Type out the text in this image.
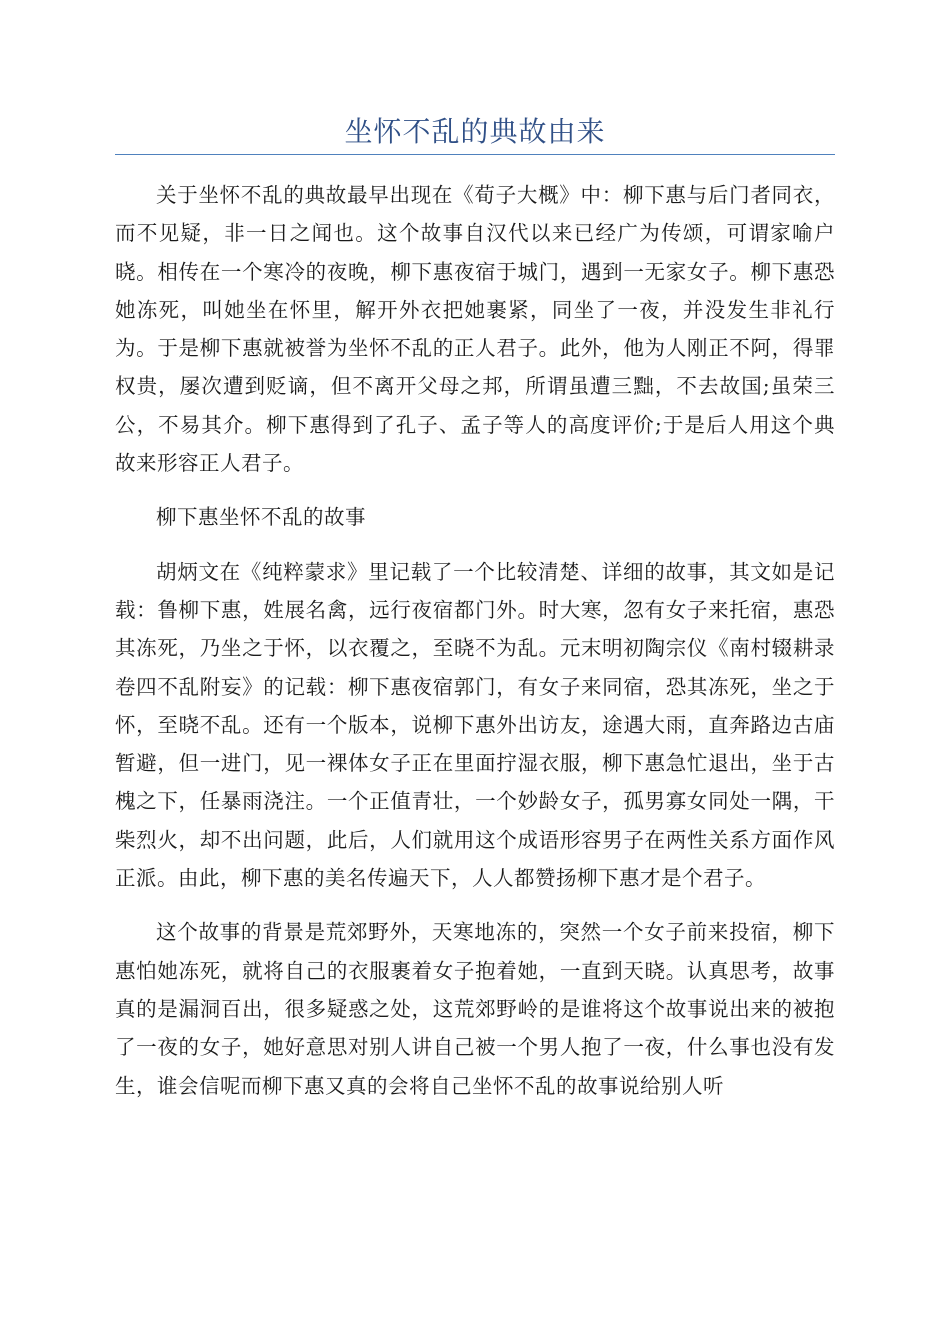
坐怀不乱的典故由来

关于坐怀不乱的典故最早出现在《荀子大概》中：柳下惠与后门者同衣，而不见疑，非一日之闻也。这个故事自汉代以来已经广为传颂，可谓家喻户晓。相传在一个寒冷的夜晚，柳下惠夜宿于城门，遇到一无家女子。柳下惠恐她冻死，叫她坐在怀里，解开外衣把她裹紧，同坐了一夜，并没发生非礼行为。于是柳下惠就被誉为坐怀不乱的正人君子。此外，他为人刚正不阿，得罪权贵，屡次遭到贬谪，但不离开父母之邦，所谓虽遭三黜，不去故国;虽荣三公，不易其介。柳下惠得到了孔子、孟子等人的高度评价;于是后人用这个典故来形容正人君子。

柳下惠坐怀不乱的故事

胡炳文在《纯粹蒙求》里记载了一个比较清楚、详细的故事，其文如是记载：鲁柳下惠，姓展名禽，远行夜宿都门外。时大寒，忽有女子来托宿，惠恐其冻死，乃坐之于怀，以衣覆之，至晓不为乱。元末明初陶宗仪《南村辍耕录卷四不乱附妄》的记载：柳下惠夜宿郭门，有女子来同宿，恐其冻死，坐之于怀，至晓不乱。还有一个版本，说柳下惠外出访友，途遇大雨，直奔路边古庙暂避，但一进门，见一裸体女子正在里面拧湿衣服，柳下惠急忙退出，坐于古槐之下，任暴雨浇注。一个正值青壮，一个妙龄女子，孤男寡女同处一隅，干柴烈火，却不出问题，此后，人们就用这个成语形容男子在两性关系方面作风正派。由此，柳下惠的美名传遍天下，人人都赞扬柳下惠才是个君子。

这个故事的背景是荒郊野外，天寒地冻的，突然一个女子前来投宿，柳下惠怕她冻死，就将自己的衣服裹着女子抱着她，一直到天晓。认真思考，故事真的是漏洞百出，很多疑惑之处，这荒郊野岭的是谁将这个故事说出来的被抱了一夜的女子，她好意思对别人讲自己被一个男人抱了一夜，什么事也没有发生，谁会信呢而柳下惠又真的会将自己坐怀不乱的故事说给别人听
